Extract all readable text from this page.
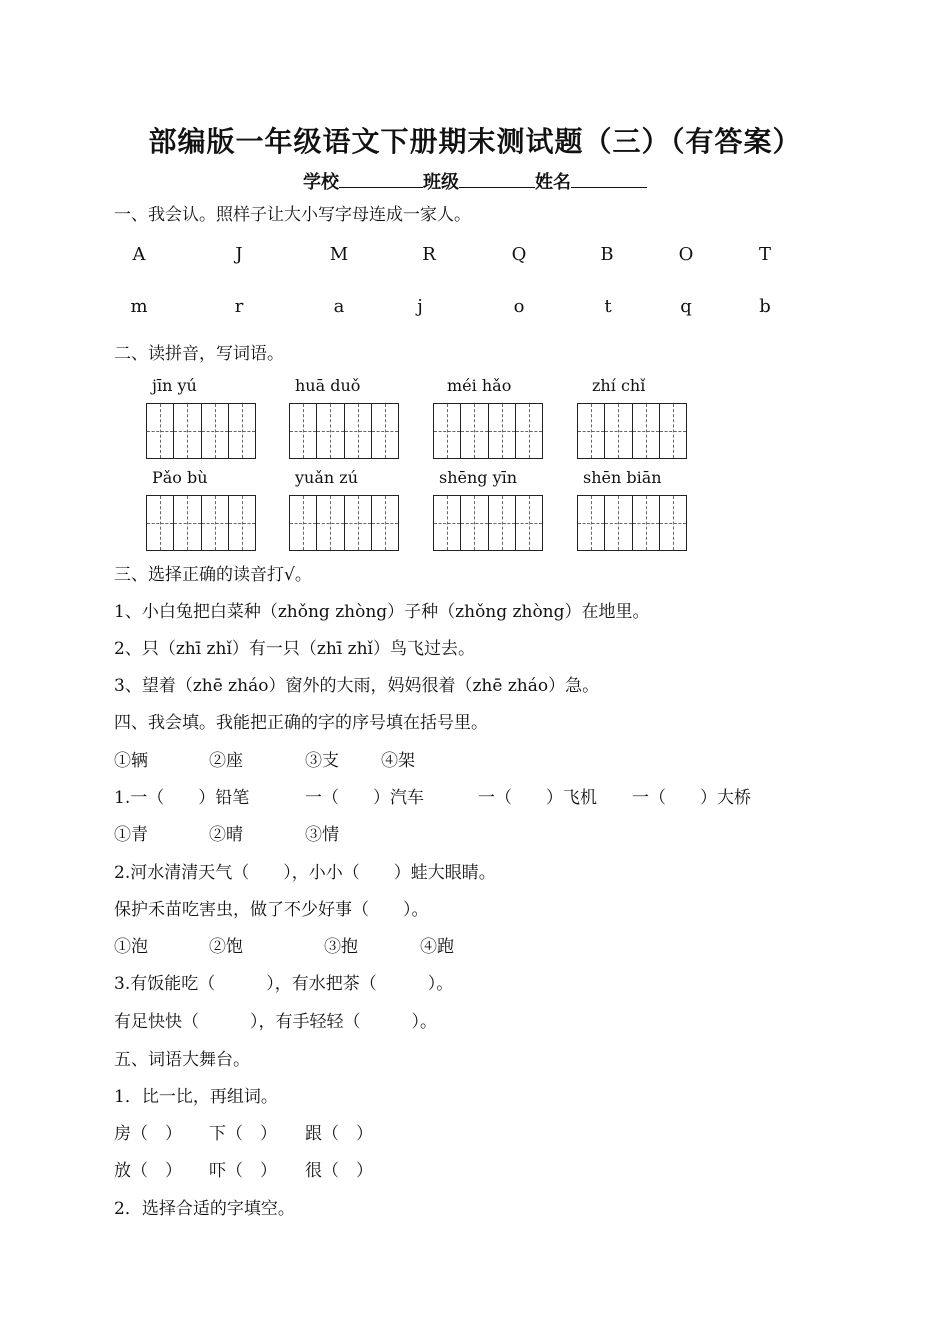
部编版一年级语文下册期末测试题（三）（有答案）
学校	班级	姓名
一、我会认。照样子让大小写字母连成一家人。
A	J	M	R	Q	B	O	T
m	r	a	j	o	t	q	b
二、读拼音，写词语。
jīn yú	huā duǒ	méi hǎo	zhí chǐ
Pǎo bù	yuǎn zú	shēng yīn	shēn biān
三、选择正确的读音打√。
1、小白兔把白菜种（zhǒng zhòng）子种（zhǒng zhòng）在地里。
2、只（zhī zhǐ）有一只（zhī zhǐ）鸟飞过去。
3、望着（zhē zháo）窗外的大雨，妈妈很着（zhē zháo）急。
四、我会填。我能把正确的字的序号填在括号里。
①辆	②座	③支 ④架
1.一（　　）铅笔	一（　　）汽车	一（　　）飞机 一（　　）大桥
①青	②晴	③情
2.河水清清天气（　　），小小（　　）蛙大眼睛。
保护禾苗吃害虫，做了不少好事（　　）。
①泡	②饱	③抱	④跑
3.有饭能吃（　　　），有水把茶（　　　）。
有足快快（　　　），有手轻轻（　　　）。
五、词语大舞台。
1．比一比，再组词。
房（　） 下（　） 跟（　）
放（　） 吓（　） 很（　）
2．选择合适的字填空。
